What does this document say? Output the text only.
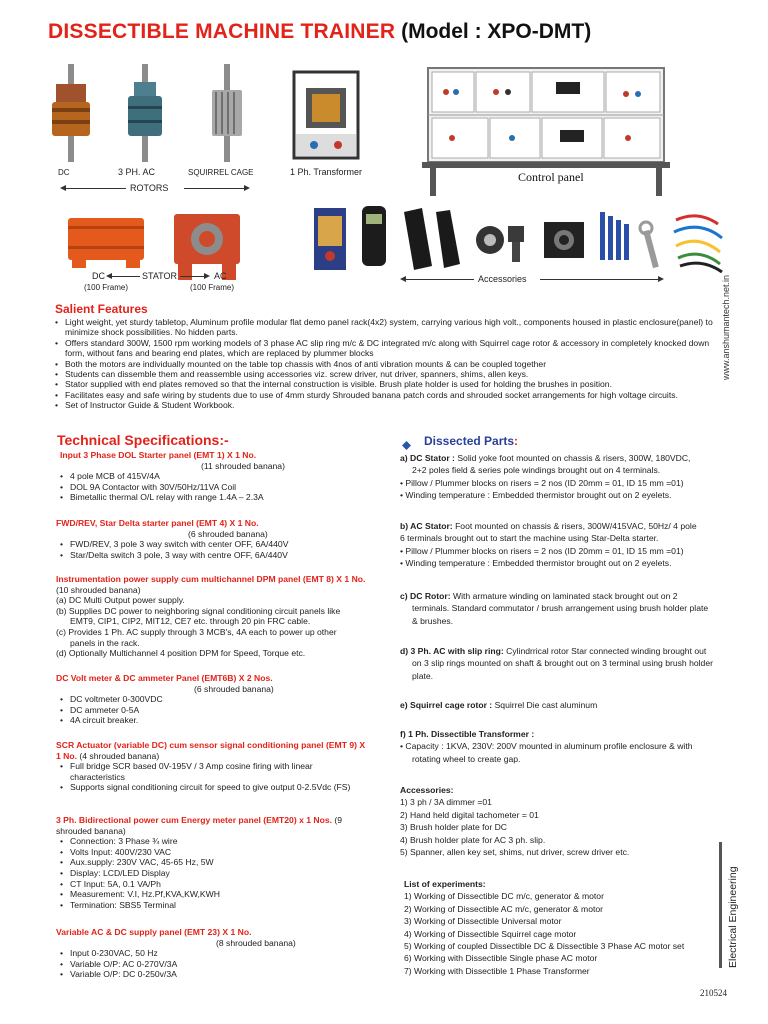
DISSECTIBLE MACHINE TRAINER (Model : XPO-DMT)
DC	3 PH. AC	SQUIRREL CAGE
ROTORS
1 Ph. Transformer	Control panel
DC	STATOR	AC
(100 Frame)	(100 Frame)
Accessories	www.anshumantech.net.in
Salient Features
• Light weight, yet sturdy tabletop, Aluminum profile modular flat demo panel rack(4x2) system, carrying various high volt., components housed in plastic enclosure(panel) to minimize shock possibilities. No hidden parts.
• Offers standard 300W, 1500 rpm working models of 3 phase AC slip ring m/c & DC integrated m/c along with Squirrel cage rotor & accessory in completely knocked down form, without fans and bearing end plates, which are replaced by plummer blocks
• Both the motors are individually mounted on the table top chassis with 4nos of anti vibration mounts & can be coupled together
• Students can dissemble them and reassemble using accessories viz. screw driver, nut driver, spanners, shims, allen keys.
• Stator supplied with end plates removed so that the internal construction is visible. Brush plate holder is used for holding the brushes in position.
• Facilitates easy and safe wiring by students due to use of 4mm sturdy Shrouded banana patch cords and shrouded socket arrangements for high voltage circuits.
• Set of Instructor Guide & Student Workbook.
Technical Specifications:-
Input 3 Phase DOL Starter panel (EMT 1) X 1 No.
(11 shrouded banana)
• 4 pole MCB of 415V/4A
• DOL 9A Contactor with 30V/50Hz/11VA Coil
• Bimetallic thermal O/L relay with range 1.4A – 2.3A
FWD/REV, Star Delta starter panel (EMT 4) X 1 No.
(6 shrouded banana)
• FWD/REV, 3 pole 3 way switch with center OFF, 6A/440V
• Star/Delta switch 3 pole, 3 way with centre OFF, 6A/440V
Instrumentation power supply cum multichannel DPM panel (EMT 8) X 1 No. (10 shrouded banana)
(a) DC Multi Output power supply.
(b) Supplies DC power to neighboring signal conditioning circuit panels like
EMT9, CIP1, CIP2, MIT12, CE7 etc. through 20 pin FRC cable.
(c) Provides 1 Ph. AC supply through 3 MCB's, 4A each to power up other
panels in the rack.
(d) Optionally Multichannel 4 position DPM for Speed, Torque etc.
DC Volt meter & DC ammeter Panel (EMT6B) X 2 Nos.
(6 shrouded banana)
• DC voltmeter 0-300VDC
• DC ammeter 0-5A
• 4A circuit breaker.
SCR Actuator (variable DC) cum sensor signal conditioning panel (EMT 9) X 1 No. (4 shrouded banana)
• Full bridge SCR based 0V-195V / 3 Amp cosine firing with linear characteristics
• Supports signal conditioning circuit for speed to give output 0-2.5Vdc (FS)
3 Ph. Bidirectional power cum Energy meter panel (EMT20) x 1 Nos. (9 shrouded banana)
• Connection: 3 Phase ¾ wire
• Volts Input: 400V/230 VAC
• Aux.supply: 230V VAC, 45-65 Hz, 5W
• Display: LCD/LED Display
• CT Input: 5A, 0.1 VA/Ph
• Measurement: V.I, Hz.Pf,KVA,KW,KWH
• Termination: SBS5 Terminal
Variable AC & DC supply panel (EMT 23) X 1 No.
(8 shrouded banana)
• Input 0-230VAC, 50 Hz
• Variable O/P: AC 0-270V/3A
• Variable O/P: DC 0-250v/3A
Dissected Parts:
a) DC Stator : Solid yoke foot mounted on chassis & risers, 300W, 180VDC,
2+2 poles field & series pole windings brought out on 4 terminals.
• Pillow / Plummer blocks on risers = 2 nos (ID 20mm = 01, ID 15 mm =01)
• Winding temperature : Embedded thermistor brought out on 2 eyelets.
b) AC Stator: Foot mounted on chassis & risers, 300W/415VAC, 50Hz/ 4 pole
6 terminals brought out to start the machine using Star-Delta starter.
• Pillow / Plummer blocks on risers = 2 nos (ID 20mm = 01, ID 15 mm =01)
• Winding temperature : Embedded thermistor brought out on 2 eyelets.
c) DC Rotor: With armature winding on laminated stack brought out on 2
terminals. Standard commutator / brush arrangement using brush holder plate
& brushes.
d) 3 Ph. AC with slip ring: Cylindrrical rotor Star connected winding brought out
on 3 slip rings mounted on shaft & brought out on 3 terminal using brush holder
plate.
e) Squirrel cage rotor : Squirrel Die cast aluminum
f) 1 Ph. Dissectible Transformer :
• Capacity : 1KVA, 230V: 200V mounted in aluminum profile enclosure & with
rotating wheel to create gap.
Accessories:
1) 3 ph / 3A dimmer =01
2) Hand held digital tachometer = 01
3) Brush holder plate for DC
4) Brush holder plate for AC 3 ph. slip.
5) Spanner, allen key set, shims, nut driver, screw driver etc.
List of experiments:
1) Working of Dissectible DC m/c, generator & motor
2) Working of Dissectible AC m/c, generator & motor
3) Working of Dissectible Universal motor
4) Working of Dissectible Squirrel cage motor
5) Working of coupled Dissectible DC & Dissectible 3 Phase AC motor set
6) Working with Dissectible Single phase AC motor
7) Working with Dissectible 1 Phase Transformer
Electrical Engineering
210524
